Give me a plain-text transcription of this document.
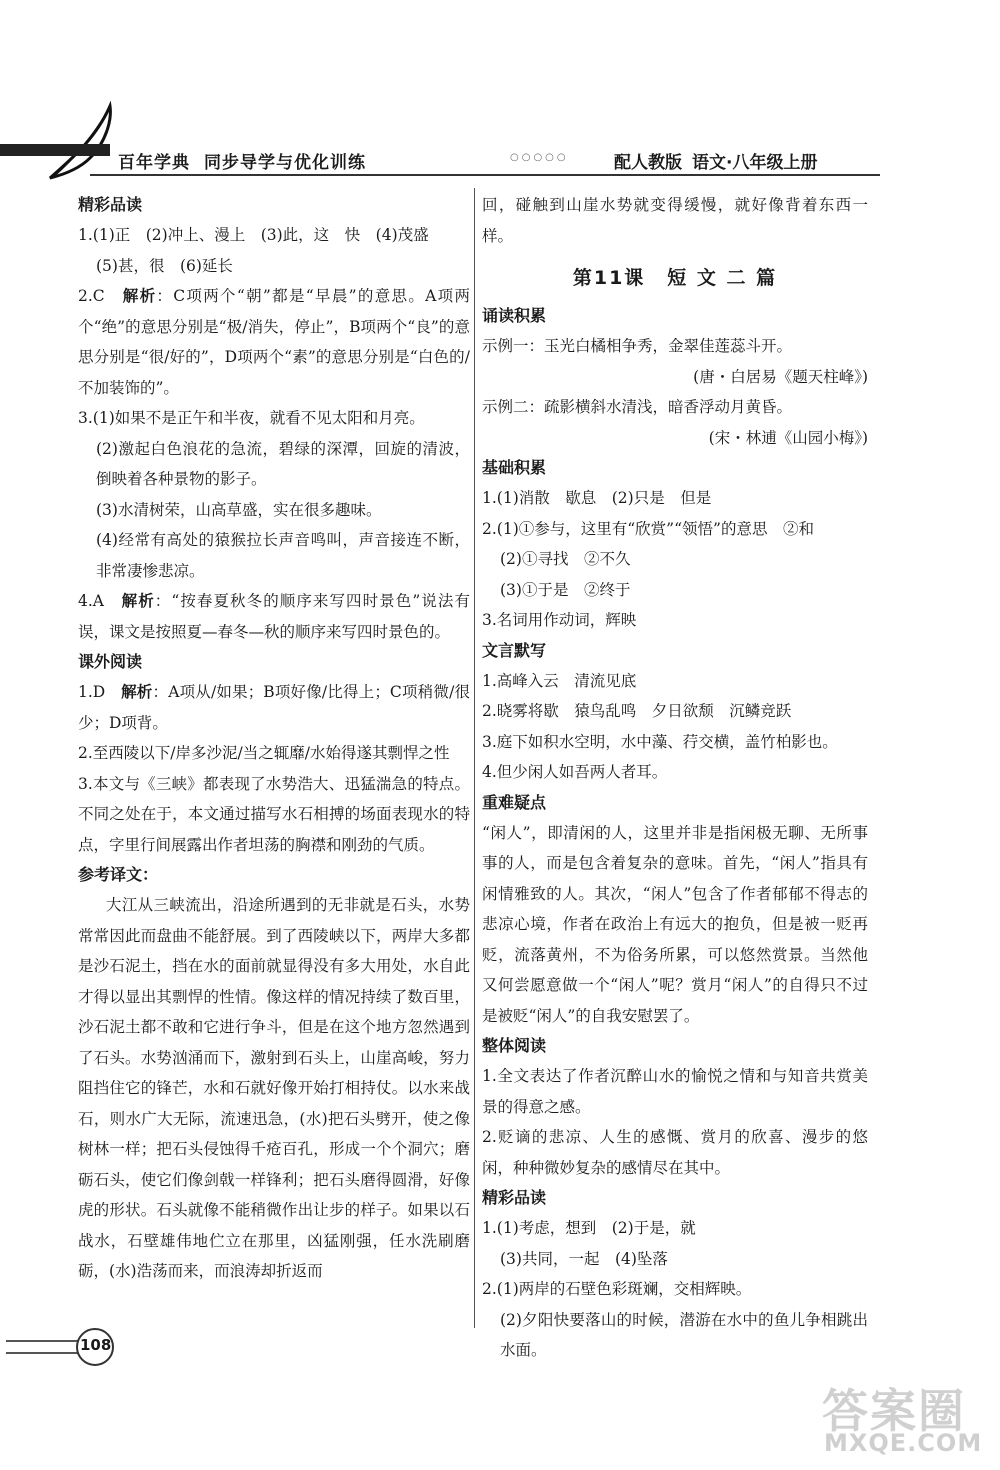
百年学典 同步导学与优化训练	○○○○○	配人教版 语文·八年级上册

精彩品读

1.(1)正　(2)冲上、漫上　(3)此，这　快　(4)茂盛

(5)甚，很　(6)延长

2.C　解析：C项两个“朝”都是“早晨”的意思。A项两个“绝”的意思分别是“极/消失，停止”，B项两个“良”的意思分别是“很/好的”，D项两个“素”的意思分别是“白色的/不加装饰的”。

3.(1)如果不是正午和半夜，就看不见太阳和月亮。

(2)激起白色浪花的急流，碧绿的深潭，回旋的清波，倒映着各种景物的影子。

(3)水清树荣，山高草盛，实在很多趣味。

(4)经常有高处的猿猴拉长声音鸣叫，声音接连不断，非常凄惨悲凉。

4.A　解析：“按春夏秋冬的顺序来写四时景色”说法有误，课文是按照夏—春冬—秋的顺序来写四时景色的。

课外阅读

1.D　解析：A项从/如果；B项好像/比得上；C项稍微/很少；D项背。

2.至西陵以下/岸多沙泥/当之辄靡/水始得遂其剽悍之性

3.本文与《三峡》都表现了水势浩大、迅猛湍急的特点。不同之处在于，本文通过描写水石相搏的场面表现水的特点，字里行间展露出作者坦荡的胸襟和刚劲的气质。

参考译文：

大江从三峡流出，沿途所遇到的无非就是石头，水势常常因此而盘曲不能舒展。到了西陵峡以下，两岸大多都是沙石泥土，挡在水的面前就显得没有多大用处，水自此才得以显出其剽悍的性情。像这样的情况持续了数百里，沙石泥土都不敢和它进行争斗，但是在这个地方忽然遇到了石头。水势汹涌而下，激射到石头上，山崖高峻，努力阻挡住它的锋芒，水和石就好像开始打相持仗。以水来战石，则水广大无际，流速迅急，(水)把石头劈开，使之像树林一样；把石头侵蚀得千疮百孔，形成一个个洞穴；磨砺石头，使它们像剑戟一样锋利；把石头磨得圆滑，好像虎的形状。石头就像不能稍微作出让步的样子。如果以石战水，石壁雄伟地伫立在那里，凶猛刚强，任水洗刷磨砺，(水)浩荡而来，而浪涛却折返而

回，碰触到山崖水势就变得缓慢，就好像背着东西一样。

第11课 短 文 二 篇

诵读积累

示例一：玉光白橘相争秀，金翠佳莲蕊斗开。

(唐・白居易《题天柱峰》)

示例二：疏影横斜水清浅，暗香浮动月黄昏。

(宋・林逋《山园小梅》)

基础积累

1.(1)消散　歇息　(2)只是　但是

2.(1)①参与，这里有“欣赏”“领悟”的意思　②和

(2)①寻找　②不久

(3)①于是　②终于

3.名词用作动词，辉映

文言默写

1.高峰入云　清流见底

2.晓雾将歇　猿鸟乱鸣　夕日欲颓　沉鳞竞跃

3.庭下如积水空明，水中藻、荇交横，盖竹柏影也。

4.但少闲人如吾两人者耳。

重难疑点

“闲人”，即清闲的人，这里并非是指闲极无聊、无所事事的人，而是包含着复杂的意味。首先，“闲人”指具有闲情雅致的人。其次，“闲人”包含了作者郁郁不得志的悲凉心境，作者在政治上有远大的抱负，但是被一贬再贬，流落黄州，不为俗务所累，可以悠然赏景。当然他又何尝愿意做一个“闲人”呢？赏月“闲人”的自得只不过是被贬“闲人”的自我安慰罢了。

整体阅读

1.全文表达了作者沉醉山水的愉悦之情和与知音共赏美景的得意之感。

2.贬谪的悲凉、人生的感慨、赏月的欣喜、漫步的悠闲，种种微妙复杂的感情尽在其中。

精彩品读

1.(1)考虑，想到　(2)于是，就

(3)共同，一起　(4)坠落

2.(1)两岸的石壁色彩斑斓，交相辉映。

(2)夕阳快要落山的时候，潜游在水中的鱼儿争相跳出水面。

108
答案圈
MXQE.COM
